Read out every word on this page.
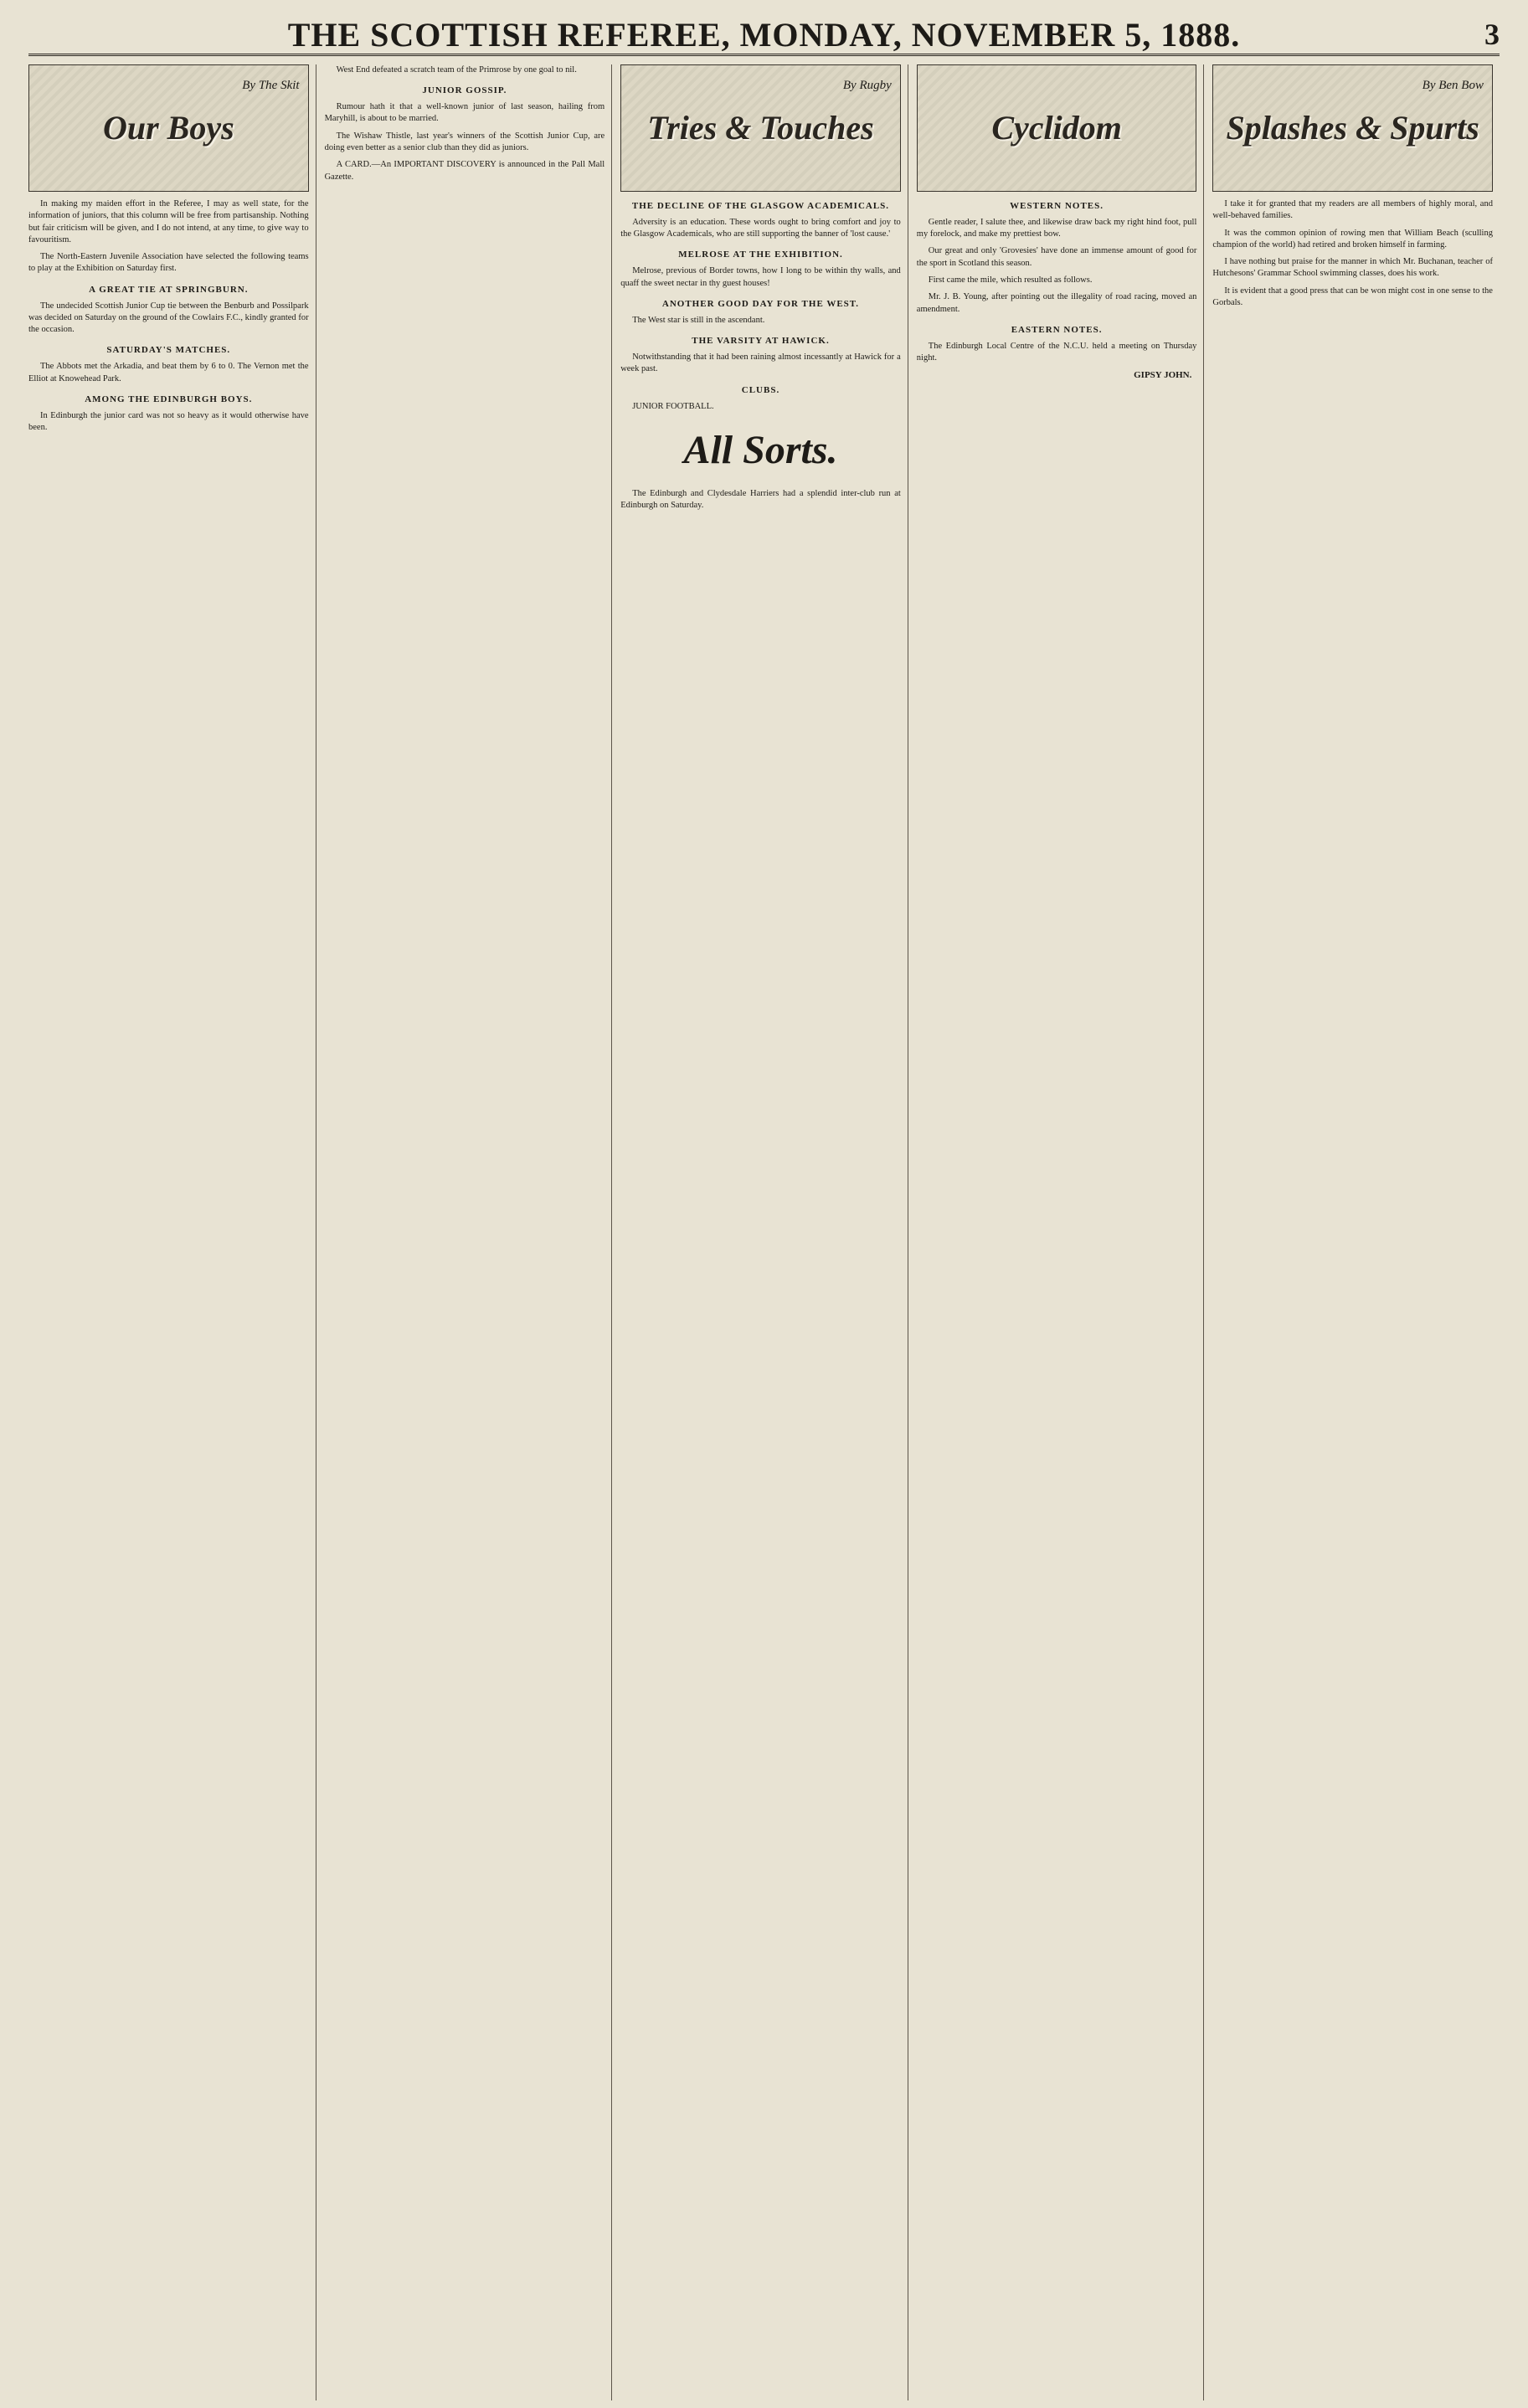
THE SCOTTISH REFEREE, MONDAY, NOVEMBER 5, 1888.	3
Our Boys
By The Skit

In making my maiden effort in the Referee, I may as well state, for the information of juniors, that this column will be free from partisanship. Nothing but fair criticism will be given, and I do not intend, at any time, to give way to favouritism.

The North-Eastern Juvenile Association have selected the following teams to play at the Exhibition on Saturday first.

A GREAT TIE AT SPRINGBURN.

The undecided Scottish Junior Cup tie between the Benburb and Possilpark was decided on Saturday on the ground of the Cowlairs F.C., kindly granted for the occasion.

SATURDAY'S MATCHES.

The Abbots met the Arkadia, and beat them by 6 to 0. The Vernon met the Elliot at Knowehead Park.

AMONG THE EDINBURGH BOYS.

In Edinburgh the junior card was not so heavy as it would otherwise have been.

West End defeated a scratch team of the Primrose by one goal to nil.

JUNIOR GOSSIP.

Rumour hath it that a well-known junior of last season, hailing from Maryhill, is about to be married.

The Wishaw Thistle, last year's winners of the Scottish Junior Cup, are doing even better as a senior club than they did as juniors.

A CARD.—An IMPORTANT DISCOVERY is announced in the Pall Mall Gazette.

Tries & Touches
By Rugby
THE DECLINE OF THE GLASGOW ACADEMICALS.

Adversity is an education. These words ought to bring comfort and joy to the Glasgow Academicals, who are still supporting the banner of 'lost cause.'

MELROSE AT THE EXHIBITION.

Melrose, previous of Border towns, how I long to be within thy walls, and quaff the sweet nectar in thy guest houses!

ANOTHER GOOD DAY FOR THE WEST.

The West star is still in the ascendant.

THE VARSITY AT HAWICK.

Notwithstanding that it had been raining almost incessantly at Hawick for a week past.

CLUBS.

JUNIOR FOOTBALL.

All Sorts.

The Edinburgh and Clydesdale Harriers had a splendid inter-club run at Edinburgh on Saturday.

Cyclidom
WESTERN NOTES.

Gentle reader, I salute thee, and likewise draw back my right hind foot, pull my forelock, and make my prettiest bow.

Our great and only 'Grovesies' have done an immense amount of good for the sport in Scotland this season.

First came the mile, which resulted as follows.

Mr. J. B. Young, after pointing out the illegality of road racing, moved an amendment.

EASTERN NOTES.

The Edinburgh Local Centre of the N.C.U. held a meeting on Thursday night.

GIPSY JOHN.
Splashes & Spurts
By Ben Bow

I take it for granted that my readers are all members of highly moral, and well-behaved families.

It was the common opinion of rowing men that William Beach (sculling champion of the world) had retired and broken himself in farming.

I have nothing but praise for the manner in which Mr. Buchanan, teacher of Hutchesons' Grammar School swimming classes, does his work.

It is evident that a good press that can be won might cost in one sense to the Gorbals.
